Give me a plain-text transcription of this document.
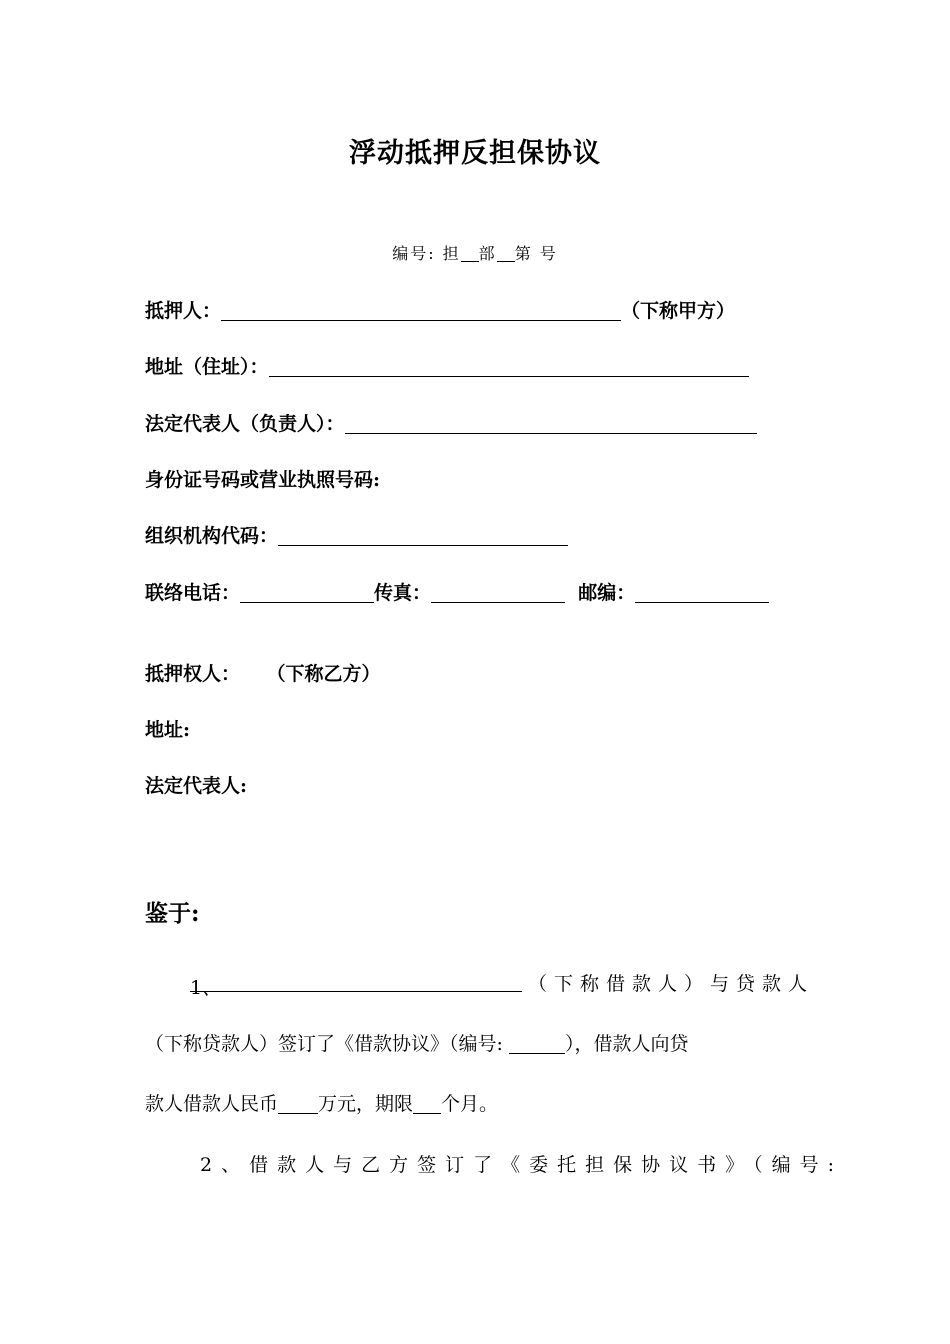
浮动抵押反担保协议
编号: 担 部 第 号
抵押人：	（下称甲方）
地址（住址）：
法定代表人（负责人）：
身份证号码或营业执照号码:
组织机构代码：
联络电话：	传真：	邮编：
抵押权人： （下称乙方）
地址:
法定代表人:
鉴于:
1、	（下称借款人）与贷款人
（下称贷款人）签订了《借款协议》（编号:	），借款人向贷
款人借款人民币 万元，期限 个月。
2、借款人与乙方签订了《委托担保协议书》（编号:
